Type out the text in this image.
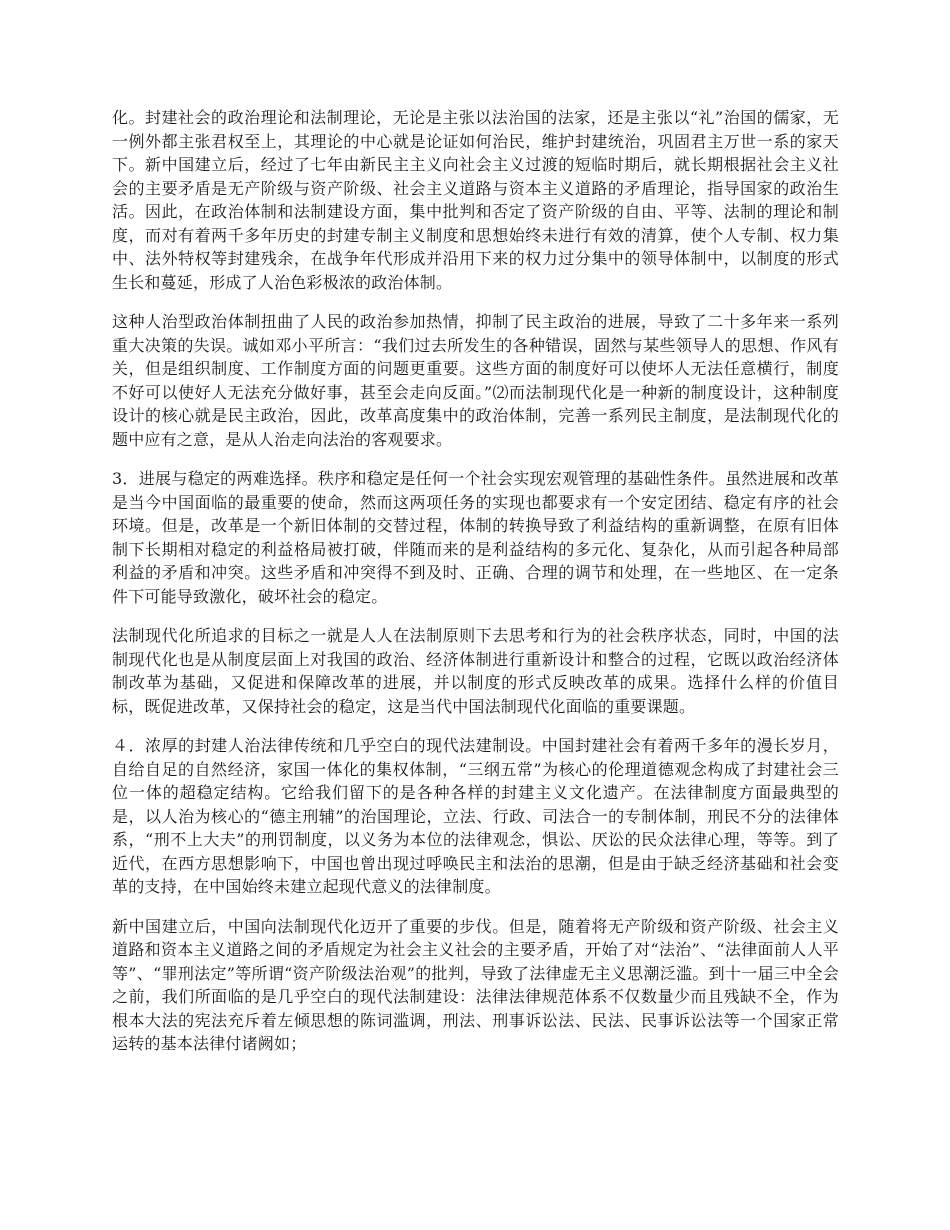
化。封建社会的政治理论和法制理论，无论是主张以法治国的法家，还是主张以“礼”治国的儒家，无一例外都主张君权至上，其理论的中心就是论证如何治民，维护封建统治，巩固君主万世一系的家天下。新中国建立后，经过了七年由新民主主义向社会主义过渡的短临时期后，就长期根据社会主义社会的主要矛盾是无产阶级与资产阶级、社会主义道路与资本主义道路的矛盾理论，指导国家的政治生活。因此，在政治体制和法制建设方面，集中批判和否定了资产阶级的自由、平等、法制的理论和制度，而对有着两千多年历史的封建专制主义制度和思想始终未进行有效的清算，使个人专制、权力集中、法外特权等封建残余，在战争年代形成并沿用下来的权力过分集中的领导体制中，以制度的形式生长和蔓延，形成了人治色彩极浓的政治体制。

这种人治型政治体制扭曲了人民的政治参加热情，抑制了民主政治的进展，导致了二十多年来一系列重大决策的失误。诚如邓小平所言：“我们过去所发生的各种错误，固然与某些领导人的思想、作风有关，但是组织制度、工作制度方面的问题更重要。这些方面的制度好可以使坏人无法任意横行，制度不好可以使好人无法充分做好事，甚至会走向反面。”⑵而法制现代化是一种新的制度设计，这种制度设计的核心就是民主政治，因此，改革高度集中的政治体制，完善一系列民主制度，是法制现代化的题中应有之意，是从人治走向法治的客观要求。

3．进展与稳定的两难选择。秩序和稳定是任何一个社会实现宏观管理的基础性条件。虽然进展和改革是当今中国面临的最重要的使命，然而这两项任务的实现也都要求有一个安定团结、稳定有序的社会环境。但是，改革是一个新旧体制的交替过程，体制的转换导致了利益结构的重新调整，在原有旧体制下长期相对稳定的利益格局被打破，伴随而来的是利益结构的多元化、复杂化，从而引起各种局部利益的矛盾和冲突。这些矛盾和冲突得不到及时、正确、合理的调节和处理，在一些地区、在一定条件下可能导致激化，破坏社会的稳定。

法制现代化所追求的目标之一就是人人在法制原则下去思考和行为的社会秩序状态，同时，中国的法制现代化也是从制度层面上对我国的政治、经济体制进行重新设计和整合的过程，它既以政治经济体制改革为基础，又促进和保障改革的进展，并以制度的形式反映改革的成果。选择什么样的价值目标，既促进改革，又保持社会的稳定，这是当代中国法制现代化面临的重要课题。

４．浓厚的封建人治法律传统和几乎空白的现代法建制设。中国封建社会有着两千多年的漫长岁月，自给自足的自然经济，家国一体化的集权体制，“三纲五常”为核心的伦理道德观念构成了封建社会三位一体的超稳定结构。它给我们留下的是各种各样的封建主义文化遗产。在法律制度方面最典型的是，以人治为核心的“德主刑辅”的治国理论，立法、行政、司法合一的专制体制，刑民不分的法律体系，“刑不上大夫”的刑罚制度，以义务为本位的法律观念，惧讼、厌讼的民众法律心理，等等。到了近代，在西方思想影响下，中国也曾出现过呼唤民主和法治的思潮，但是由于缺乏经济基础和社会变革的支持，在中国始终未建立起现代意义的法律制度。

新中国建立后，中国向法制现代化迈开了重要的步伐。但是，随着将无产阶级和资产阶级、社会主义道路和资本主义道路之间的矛盾规定为社会主义社会的主要矛盾，开始了对“法治”、“法律面前人人平等”、“罪刑法定”等所谓“资产阶级法治观”的批判，导致了法律虚无主义思潮泛滥。到十一届三中全会之前，我们所面临的是几乎空白的现代法制建设：法律法律规范体系不仅数量少而且残缺不全，作为根本大法的宪法充斥着左倾思想的陈词滥调，刑法、刑事诉讼法、民法、民事诉讼法等一个国家正常运转的基本法律付诸阙如；
